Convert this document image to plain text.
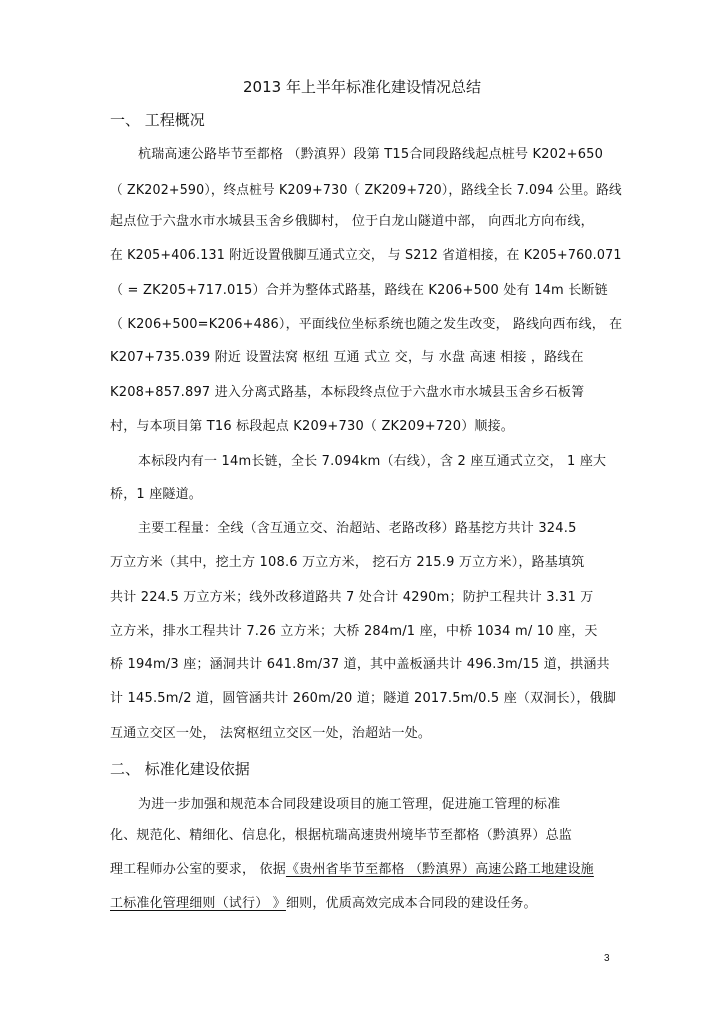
2013 年上半年标准化建设情况总结
一、 工程概况
杭瑞高速公路毕节至都格 （黔滇界）段第 T15合同段路线起点桩号 K202+650
（ ZK202+590），终点桩号 K209+730（ ZK209+720），路线全长 7.094 公里。路线
起点位于六盘水市水城县玉舍乡俄脚村， 位于白龙山隧道中部， 向西北方向布线，
在 K205+406.131 附近设置俄脚互通式立交， 与 S212 省道相接，在 K205+760.071
（ = ZK205+717.015）合并为整体式路基，路线在 K206+500 处有 14m 长断链
（ K206+500=K206+486），平面线位坐标系统也随之发生改变， 路线向西布线， 在
K207+735.039 附近 设置法窝 枢纽 互通 式立 交，与 水盘 高速 相接 ，路线在
K208+857.897 进入分离式路基，本标段终点位于六盘水市水城县玉舍乡石板箐
村，与本项目第 T16 标段起点 K209+730（ ZK209+720）顺接。
本标段内有一 14m长链，全长 7.094km（右线），含 2 座互通式立交， 1 座大
桥，1 座隧道。
主要工程量：全线（含互通立交、治超站、老路改移）路基挖方共计 324.5
万立方米（其中，挖土方 108.6 万立方米， 挖石方 215.9 万立方米），路基填筑
共计 224.5 万立方米；线外改移道路共 7 处合计 4290m；防护工程共计 3.31 万
立方米，排水工程共计 7.26 立方米；大桥 284m/1 座，中桥 1034 m/ 10 座，天
桥 194m/3 座；涵洞共计 641.8m/37 道，其中盖板涵共计 496.3m/15 道，拱涵共
计 145.5m/2 道，圆管涵共计 260m/20 道；隧道 2017.5m/0.5 座（双洞长），俄脚
互通立交区一处， 法窝枢纽立交区一处，治超站一处。
二、 标准化建设依据
为进一步加强和规范本合同段建设项目的施工管理，促进施工管理的标准
化、规范化、精细化、信息化，根据杭瑞高速贵州境毕节至都格（黔滇界）总监
理工程师办公室的要求， 依据《贵州省毕节至都格 （黔滇界）高速公路工地建设施
工标准化管理细则（试行） 》细则，优质高效完成本合同段的建设任务。
3
